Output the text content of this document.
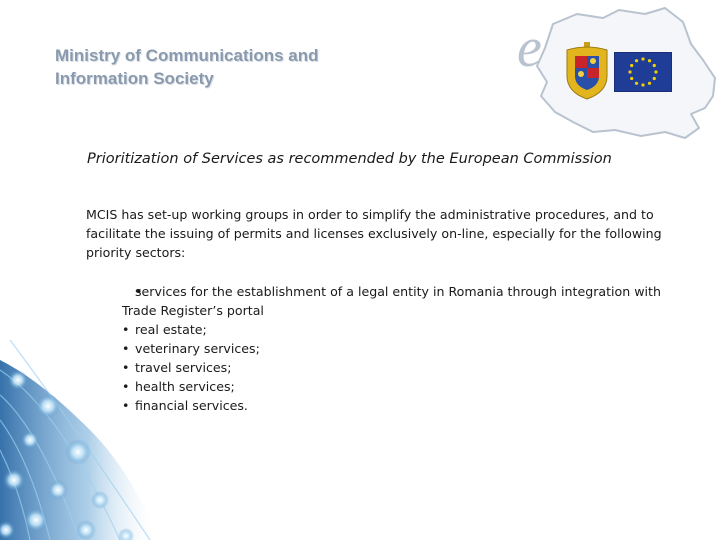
Ministry of Communications and
Information Society	e
Prioritization of Services as recommended by the European Commission
MCIS has set-up working groups in order to simplify the administrative procedures, and to facilitate the issuing of permits and licenses exclusively on-line, especially for the following priority sectors:
• services for the establishment of a legal entity in Romania through integration with Trade Register’s portal
• real estate;
• veterinary services;
• travel services;
• health services;
• financial services.
